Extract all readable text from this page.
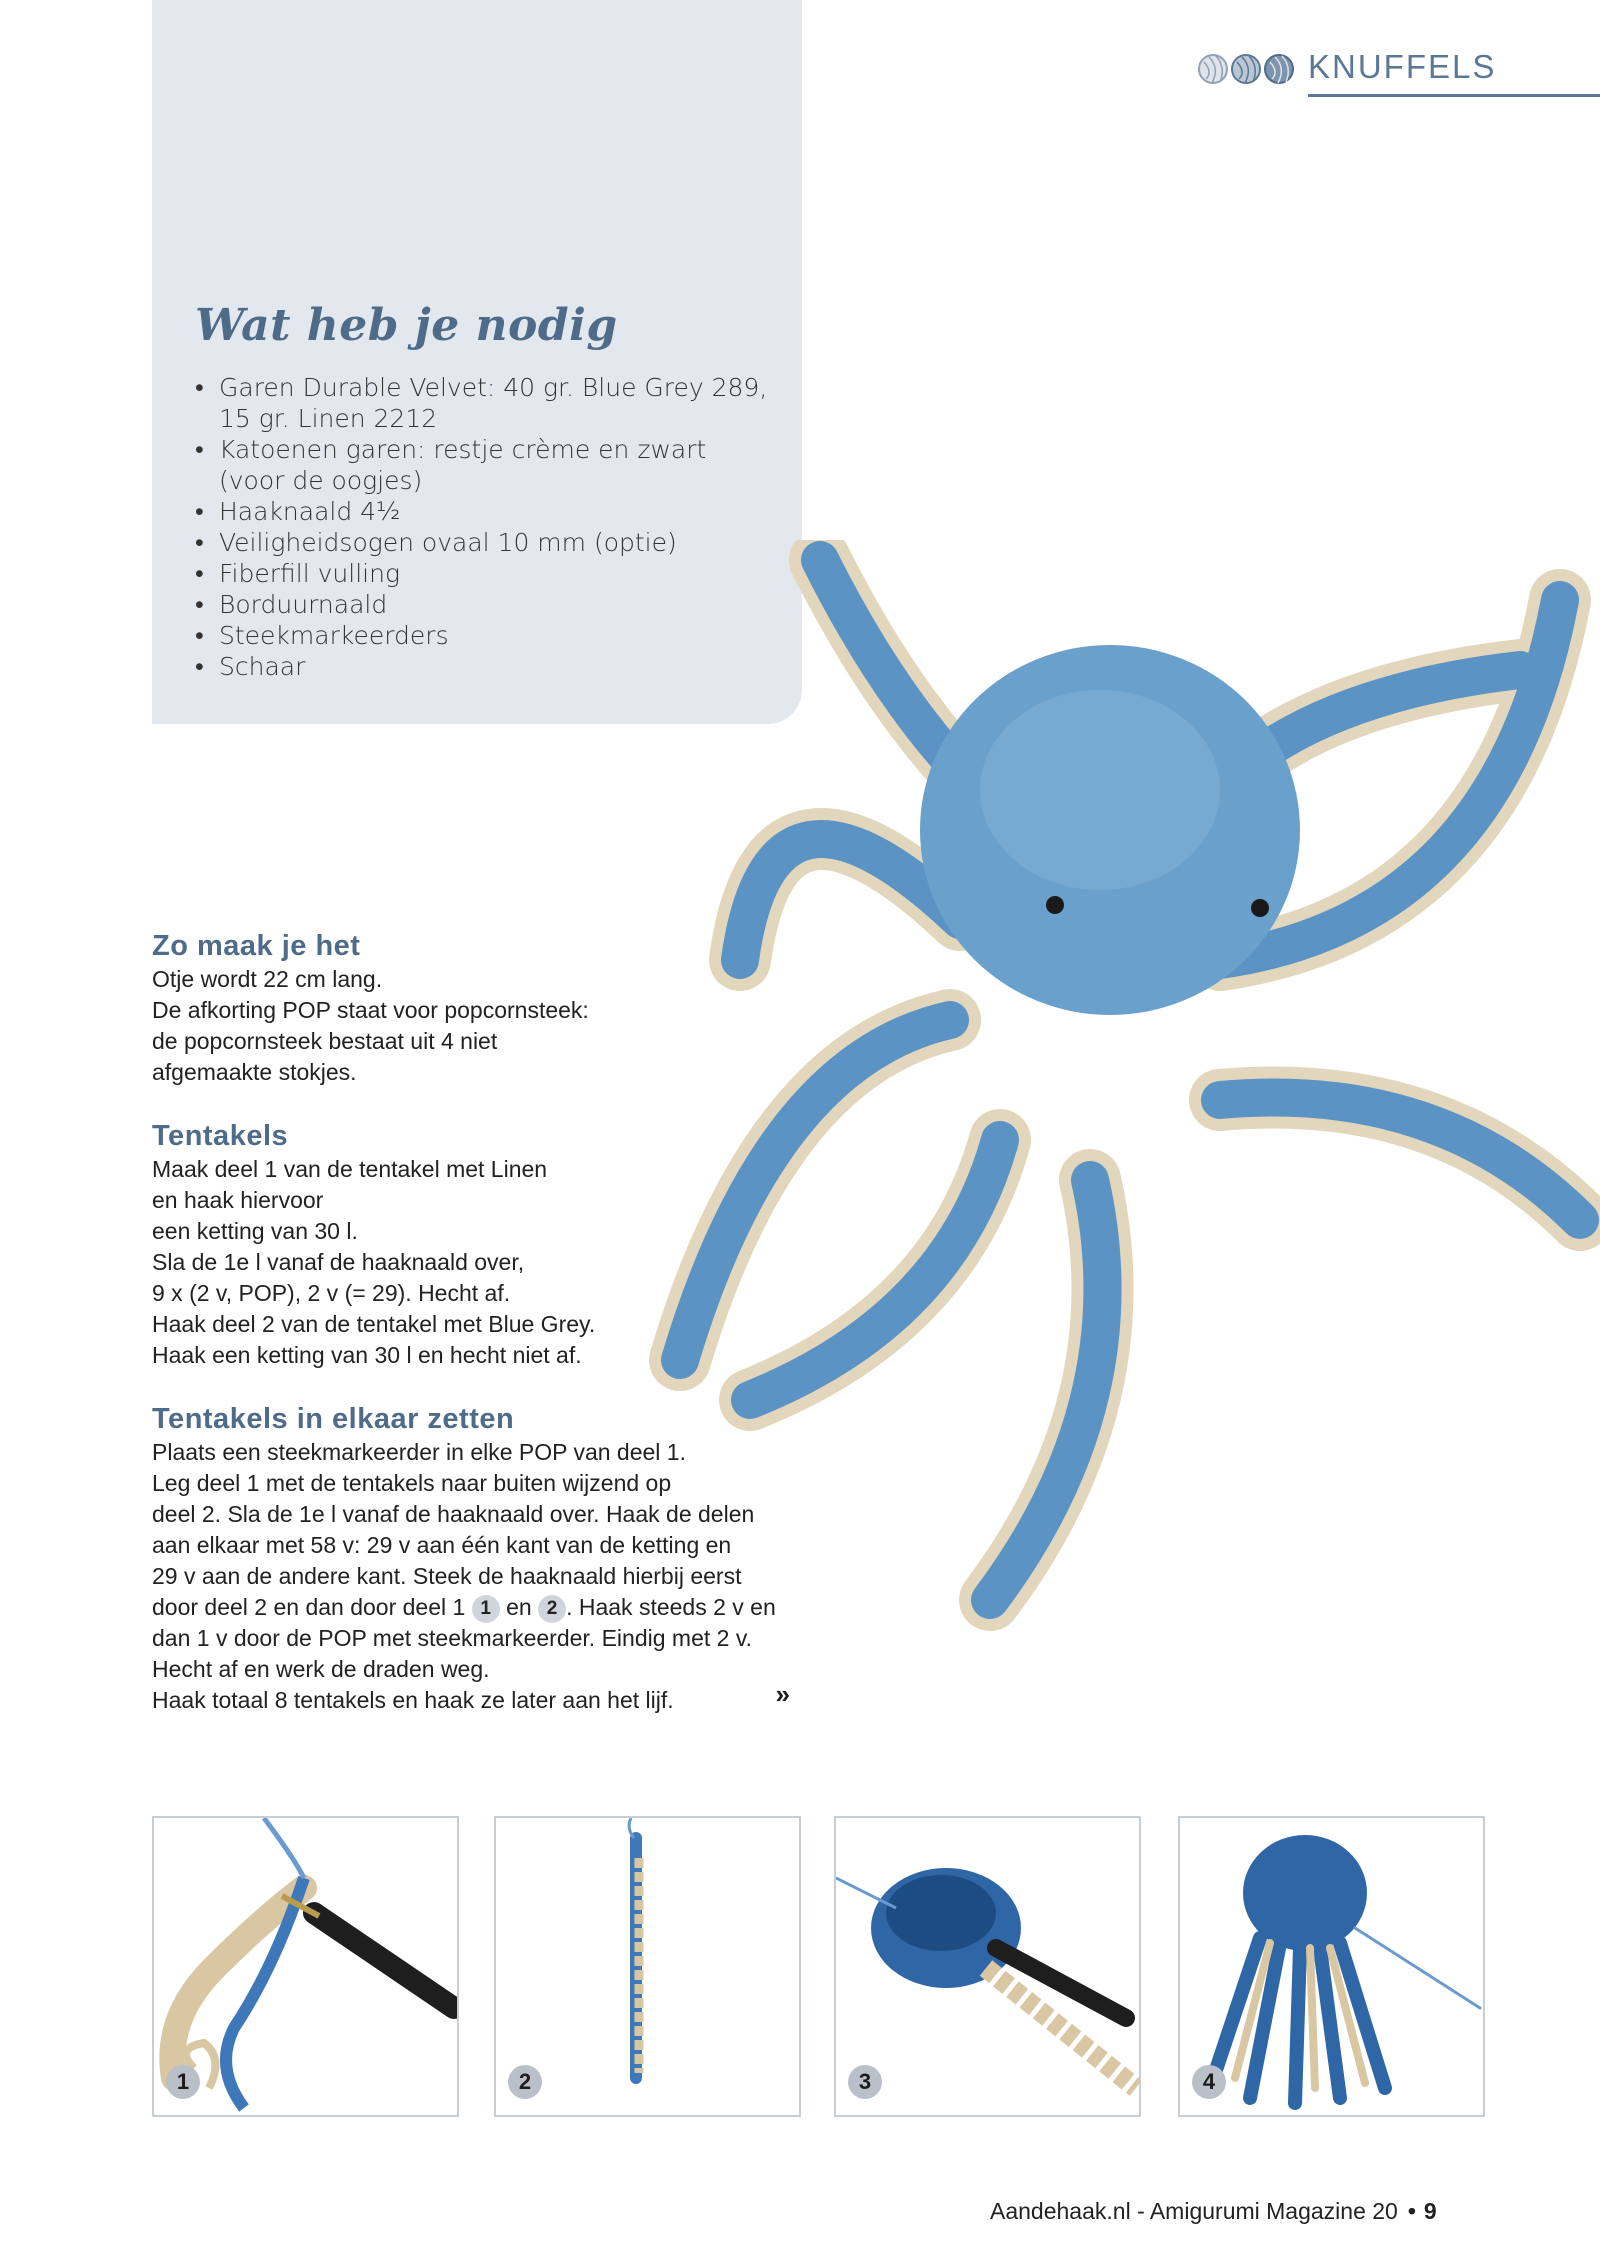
KNUFFELS
Wat heb je nodig
• Garen Durable Velvet: 40 gr. Blue Grey 289,
15 gr. Linen 2212
• Katoenen garen: restje crème en zwart
(voor de oogjes)
• Haaknaald 4½
• Veiligheidsogen ovaal 10 mm (optie)
• Fiberfill vulling
• Borduurnaald
• Steekmarkeerders
• Schaar
Zo maak je het

Otje wordt 22 cm lang.

De afkorting POP staat voor popcornsteek:

de popcornsteek bestaat uit 4 niet

afgemaakte stokjes.

Tentakels

Maak deel 1 van de tentakel met Linen

en haak hiervoor

een ketting van 30 l.

Sla de 1e l vanaf de haaknaald over,

9 x (2 v, POP), 2 v (= 29). Hecht af.

Haak deel 2 van de tentakel met Blue Grey.

Haak een ketting van 30 l en hecht niet af.

Tentakels in elkaar zetten

Plaats een steekmarkeerder in elke POP van deel 1.

Leg deel 1 met de tentakels naar buiten wijzend op

deel 2. Sla de 1e l vanaf de haaknaald over. Haak de delen

aan elkaar met 58 v: 29 v aan één kant van de ketting en

29 v aan de andere kant. Steek de haaknaald hierbij eerst

door deel 2 en dan door deel 1 1 en 2 . Haak steeds 2 v en

dan 1 v door de POP met steekmarkeerder. Eindig met 2 v.

Hecht af en werk de draden weg.

Haak totaal 8 tentakels en haak ze later aan het lijf.	»
1	2	3	4
Aandehaak.nl - Amigurumi Magazine 20 • 9
